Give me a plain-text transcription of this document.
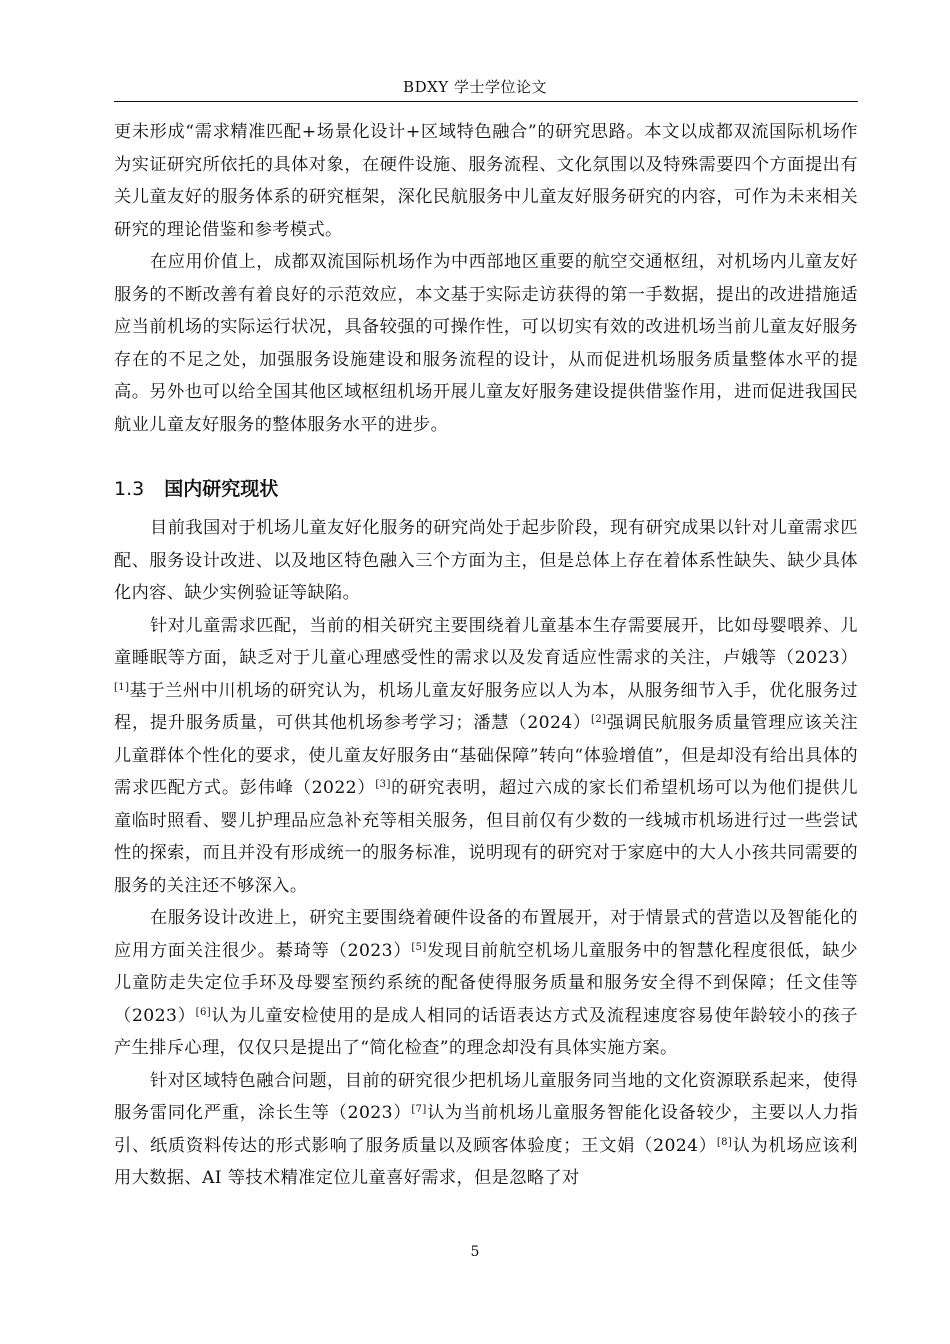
BDXY 学士学位论文

更未形成“需求精准匹配+场景化设计+区域特色融合”的研究思路。本文以成都双流国际机场作为实证研究所依托的具体对象，在硬件设施、服务流程、文化氛围以及特殊需要四个方面提出有关儿童友好的服务体系的研究框架，深化民航服务中儿童友好服务研究的内容，可作为未来相关研究的理论借鉴和参考模式。

在应用价值上，成都双流国际机场作为中西部地区重要的航空交通枢纽，对机场内儿童友好服务的不断改善有着良好的示范效应，本文基于实际走访获得的第一手数据，提出的改进措施适应当前机场的实际运行状况，具备较强的可操作性，可以切实有效的改进机场当前儿童友好服务存在的不足之处，加强服务设施建设和服务流程的设计，从而促进机场服务质量整体水平的提高。另外也可以给全国其他区域枢纽机场开展儿童友好服务建设提供借鉴作用，进而促进我国民航业儿童友好服务的整体服务水平的进步。

1.3 国内研究现状

目前我国对于机场儿童友好化服务的研究尚处于起步阶段，现有研究成果以针对儿童需求匹配、服务设计改进、以及地区特色融入三个方面为主，但是总体上存在着体系性缺失、缺少具体化内容、缺少实例验证等缺陷。

针对儿童需求匹配，当前的相关研究主要围绕着儿童基本生存需要展开，比如母婴喂养、儿童睡眠等方面，缺乏对于儿童心理感受性的需求以及发育适应性需求的关注，卢娥等（2023）[1]基于兰州中川机场的研究认为，机场儿童友好服务应以人为本，从服务细节入手，优化服务过程，提升服务质量，可供其他机场参考学习；潘慧（2024）[2]强调民航服务质量管理应该关注儿童群体个性化的要求，使儿童友好服务由“基础保障”转向“体验增值”，但是却没有给出具体的需求匹配方式。彭伟峰（2022）[3]的研究表明，超过六成的家长们希望机场可以为他们提供儿童临时照看、婴儿护理品应急补充等相关服务，但目前仅有少数的一线城市机场进行过一些尝试性的探索，而且并没有形成统一的服务标准，说明现有的研究对于家庭中的大人小孩共同需要的服务的关注还不够深入。

在服务设计改进上，研究主要围绕着硬件设备的布置展开，对于情景式的营造以及智能化的应用方面关注很少。綦琦等（2023）[5]发现目前航空机场儿童服务中的智慧化程度很低，缺少儿童防走失定位手环及母婴室预约系统的配备使得服务质量和服务安全得不到保障；任文佳等（2023）[6]认为儿童安检使用的是成人相同的话语表达方式及流程速度容易使年龄较小的孩子产生排斥心理，仅仅只是提出了“简化检查”的理念却没有具体实施方案。

针对区域特色融合问题，目前的研究很少把机场儿童服务同当地的文化资源联系起来，使得服务雷同化严重，涂长生等（2023）[7]认为当前机场儿童服务智能化设备较少，主要以人力指引、纸质资料传达的形式影响了服务质量以及顾客体验度；王文娟（2024）[8]认为机场应该利用大数据、AI 等技术精准定位儿童喜好需求，但是忽略了对

5
